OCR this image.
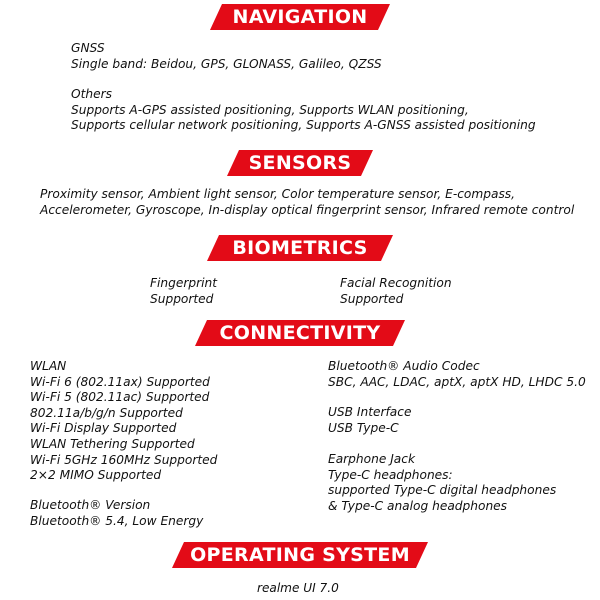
NAVIGATION
GNSS
Single band: Beidou, GPS, GLONASS, Galileo, QZSS
Others
Supports A-GPS assisted positioning, Supports WLAN positioning,
Supports cellular network positioning, Supports A-GNSS assisted positioning
SENSORS
Proximity sensor, Ambient light sensor, Color temperature sensor, E-compass,
Accelerometer, Gyroscope, In-display optical fingerprint sensor, Infrared remote control
BIOMETRICS
Fingerprint
Supported
Facial Recognition
Supported
CONNECTIVITY
WLAN
Wi-Fi 6 (802.11ax) Supported
Wi-Fi 5 (802.11ac) Supported
802.11a/b/g/n Supported
Wi-Fi Display Supported
WLAN Tethering Supported
Wi-Fi 5GHz 160MHz Supported
2×2 MIMO Supported
Bluetooth® Version
Bluetooth® 5.4, Low Energy
Bluetooth® Audio Codec
SBC, AAC, LDAC, aptX, aptX HD, LHDC 5.0
USB Interface
USB Type-C
Earphone Jack
Type-C headphones:
supported Type-C digital headphones
& Type-C analog headphones
OPERATING SYSTEM
realme UI 7.0
